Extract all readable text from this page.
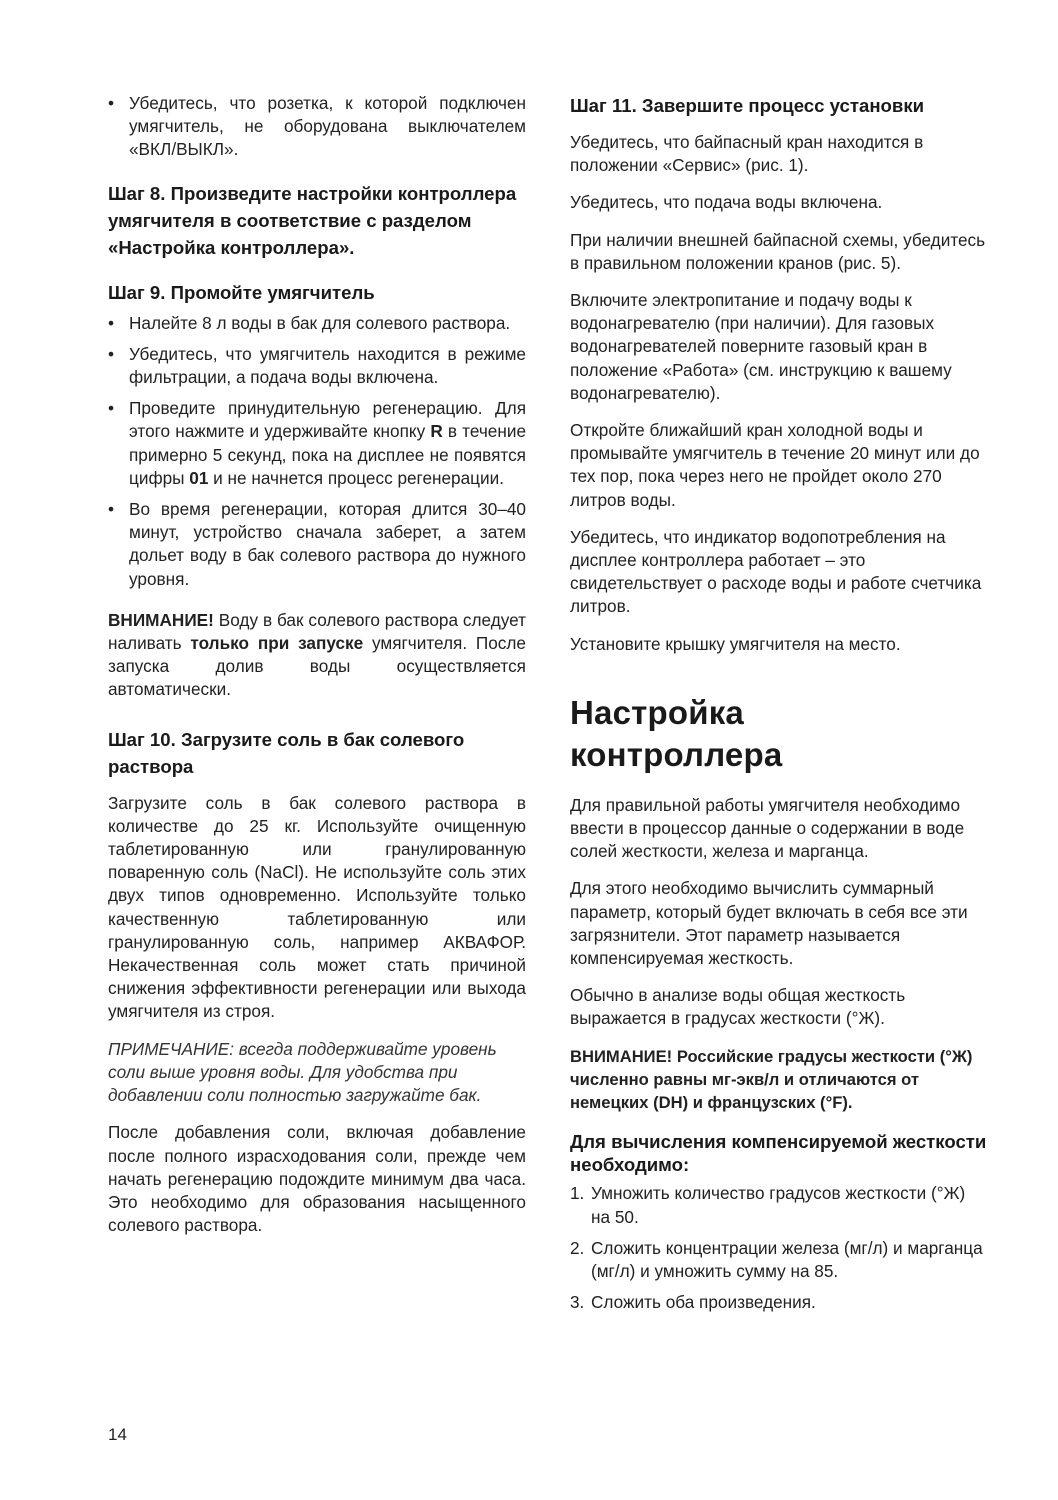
• Убедитесь, что розетка, к которой подключен умягчитель, не оборудована выключателем «ВКЛ/ВЫКЛ».
Шаг 8. Произведите настройки контроллера умягчителя в соответствие с разделом «Настройка контроллера».
Шаг 9. Промойте умягчитель
• Налейте 8 л воды в бак для солевого раствора.
• Убедитесь, что умягчитель находится в режиме фильтрации, а подача воды включена.
• Проведите принудительную регенерацию. Для этого нажмите и удерживайте кнопку R в течение примерно 5 секунд, пока на дисплее не появятся цифры 01 и не начнется процесс регенерации.
• Во время регенерации, которая длится 30–40 минут, устройство сначала заберет, а затем дольет воду в бак солевого раствора до нужного уровня.

ВНИМАНИЕ! Воду в бак солевого раствора следует наливать только при запуске умягчителя. После запуска долив воды осуществляется автоматически.

Шаг 10. Загрузите соль в бак солевого раствора

Загрузите соль в бак солевого раствора в количестве до 25 кг. Используйте очищенную таблетированную или гранулированную поваренную соль (NaCl). Не используйте соль этих двух типов одновременно. Используйте только качественную таблетированную или гранулированную соль, например АКВАФОР. Некачественная соль может стать причиной снижения эффективности регенерации или выхода умягчителя из строя.

ПРИМЕЧАНИЕ: всегда поддерживайте уровень соли выше уровня воды. Для удобства при добавлении соли полностью загружайте бак.

После добавления соли, включая добавление после полного израсходования соли, прежде чем начать регенерацию подождите минимум два часа. Это необходимо для образования насыщенного солевого раствора.

Шаг 11. Завершите процесс установки

Убедитесь, что байпасный кран находится в положении «Сервис» (рис. 1).

Убедитесь, что подача воды включена.

При наличии внешней байпасной схемы, убедитесь в правильном положении кранов (рис. 5).

Включите электропитание и подачу воды к водонагревателю (при наличии). Для газовых водонагревателей поверните газовый кран в положение «Работа» (см. инструкцию к вашему водонагревателю).

Откройте ближайший кран холодной воды и промывайте умягчитель в течение 20 минут или до тех пор, пока через него не пройдет около 270 литров воды.

Убедитесь, что индикатор водопотребления на дисплее контроллера работает – это свидетельствует о расходе воды и работе счетчика литров.

Установите крышку умягчителя на место.

Настройка контроллера

Для правильной работы умягчителя необходимо ввести в процессор данные о содержании в воде солей жесткости, железа и марганца.

Для этого необходимо вычислить суммарный параметр, который будет включать в себя все эти загрязнители. Этот параметр называется компенсируемая жесткость.

Обычно в анализе воды общая жесткость выражается в градусах жесткости (°Ж).

ВНИМАНИЕ! Российские градусы жесткости (°Ж) численно равны мг-экв/л и отличаются от немецких (DH) и французских (°F).

Для вычисления компенсируемой жесткости необходимо:
1. Умножить количество градусов жесткости (°Ж) на 50.
2. Сложить концентрации железа (мг/л) и марганца (мг/л) и умножить сумму на 85.
3. Сложить оба произведения.
14
